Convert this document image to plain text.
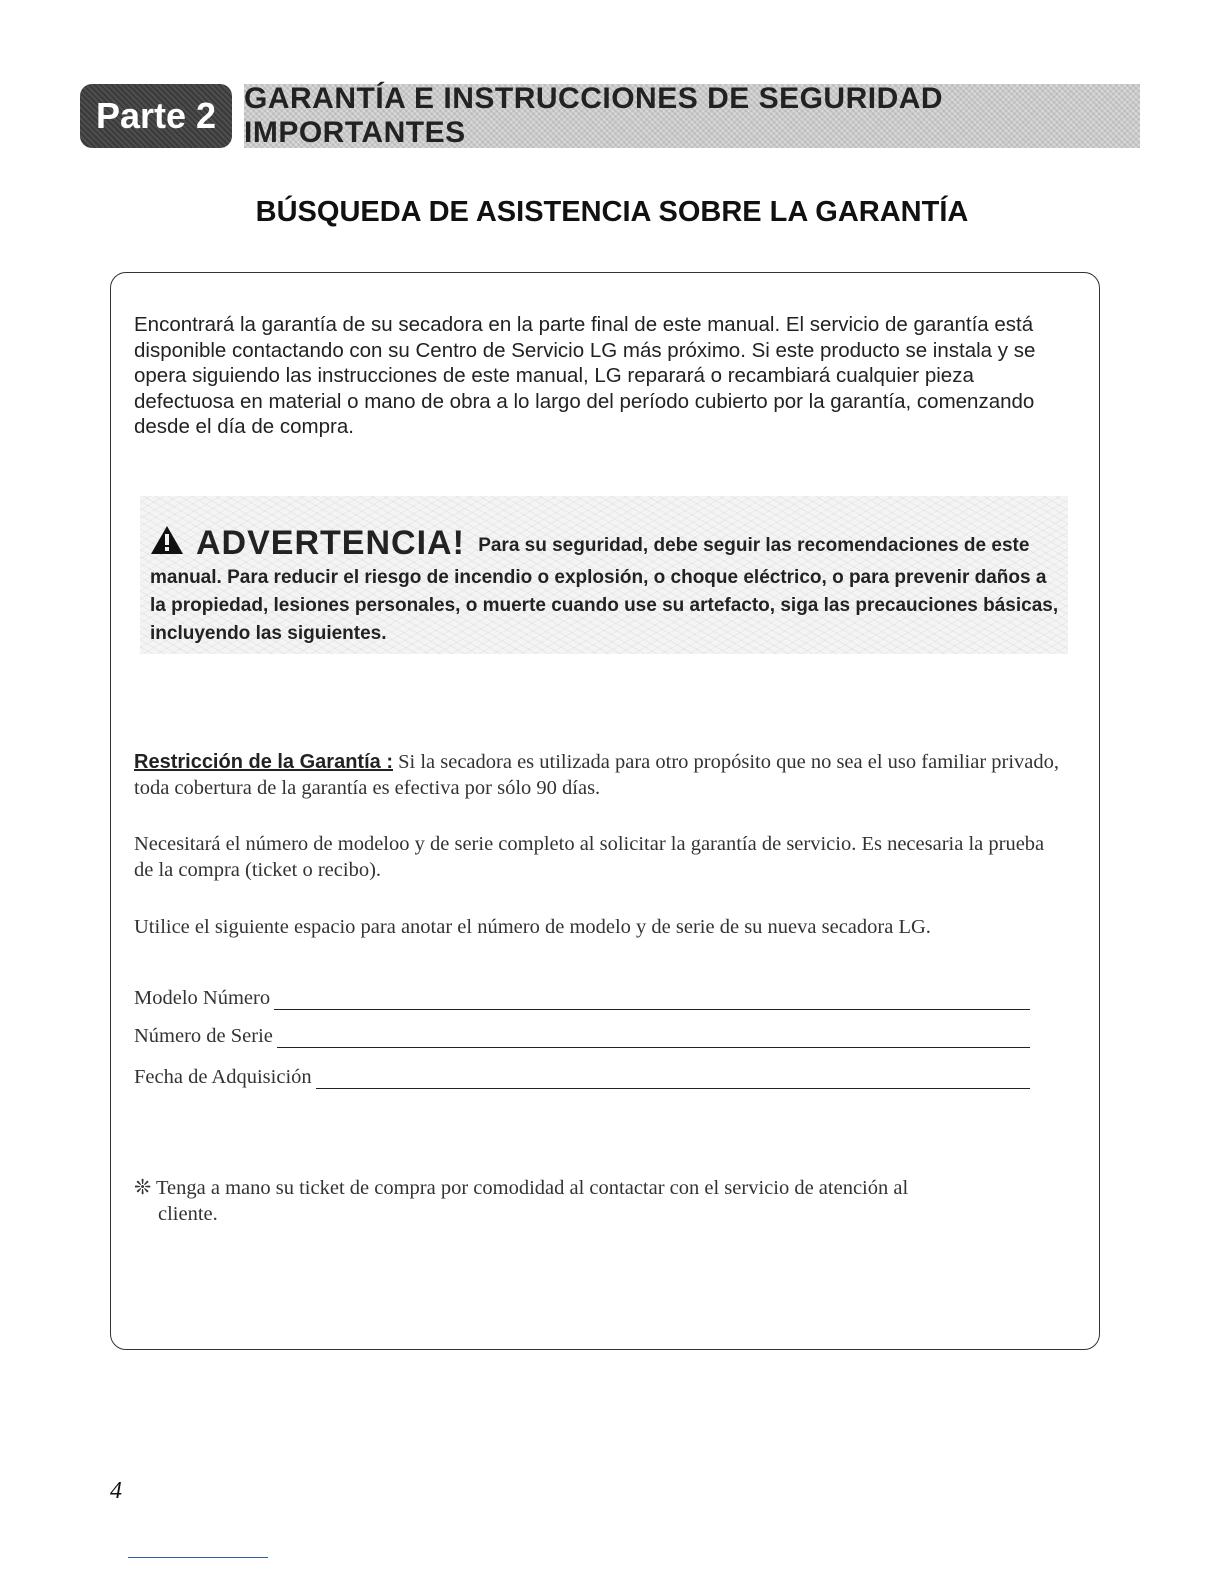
Parte 2 GARANTÍA E INSTRUCCIONES DE SEGURIDAD IMPORTANTES
BÚSQUEDA DE ASISTENCIA SOBRE LA GARANTÍA
Encontrará la garantía de su secadora en la parte final de este manual. El servicio de garantía está disponible contactando con su Centro de Servicio LG más próximo. Si este producto se instala y se opera siguiendo las instrucciones de este manual, LG reparará o recambiará cualquier pieza defectuosa en material o mano de obra a lo largo del período cubierto por la garantía, comenzando desde el día de compra.
ADVERTENCIA! Para su seguridad, debe seguir las recomendaciones de este manual. Para reducir el riesgo de incendio o explosión, o choque eléctrico, o para prevenir daños a la propiedad, lesiones personales, o muerte cuando use su artefacto, siga las precauciones básicas, incluyendo las siguientes.
Restricción de la Garantía : Si la secadora es utilizada para otro propósito que no sea el uso familiar privado, toda cobertura de la garantía es efectiva por sólo 90 días.
Necesitará el número de modeloo y de serie completo al solicitar la garantía de servicio. Es necesaria la prueba de la compra (ticket o recibo).
Utilice el siguiente espacio para anotar el número de modelo y de serie de su nueva secadora LG.
Modelo Número
Número de Serie
Fecha de Adquisición
❊ Tenga a mano su ticket de compra por comodidad al contactar con el servicio de atención al
cliente.
4
